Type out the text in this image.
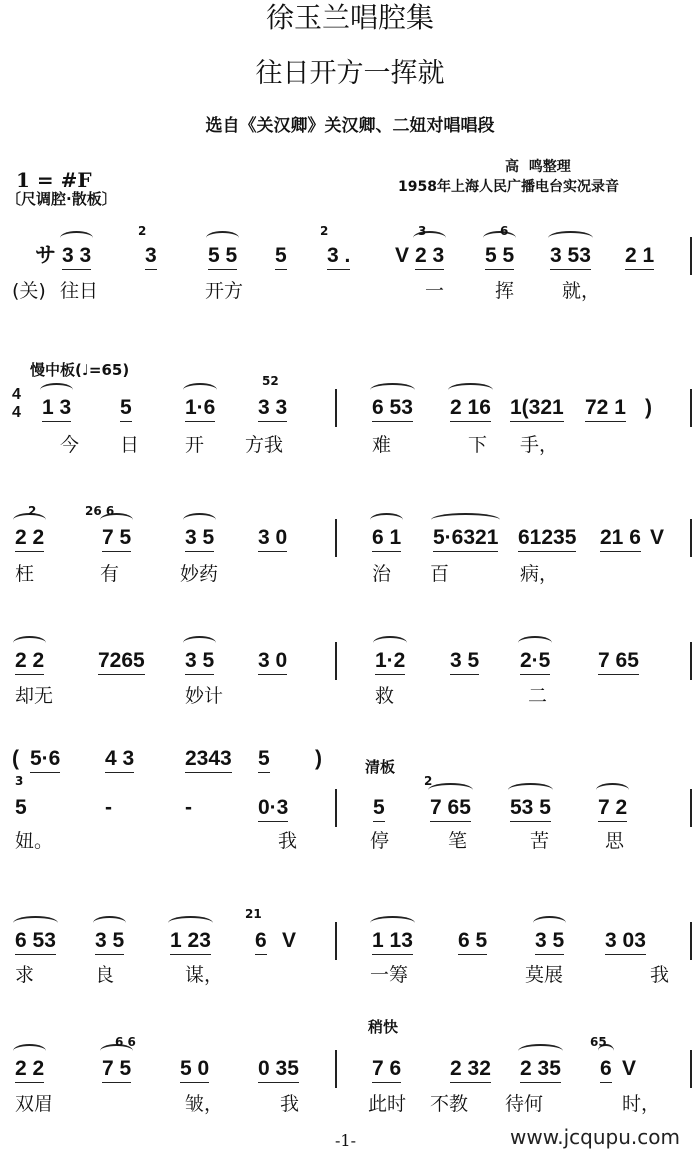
徐玉兰唱腔集
往日开方一挥就
选自《关汉卿》关汉卿、二妞对唱唱段
1 = #F
高  鸣整理
1958年上海人民广播电台实况录音
〔尺调腔·散板〕
サ 3 3	3 5 5 5 3 . V 2 3 5 5 3 53 2 1
2	2	3	6
(关) 往日	开方	一	挥	就，
慢中板(♩=65)
4
4 1 3 5	1·6 3 3	6 53 2 16 1(321 72 1 )
52
今 日 开 方我	难	下 手，
2 2	7 5	3 5 3 0	6 1 5·6321 61235 21 6 V
2	26 6
枉	有	妙药	治 百	病，
2 2	7265 3 5 3 0	1·2 3 5 2·5 7 65
却无	妙计	救	二
( 5·6 4 3 2343 5 )	清板
5	-	-	0·3	5 7 65 53 5 7 2
3	2
妞。	我	停	笔	苦	思
6 53 3 5 1 23 6 V	1 13 6 5 3 5 3 03
21
求	良	谋，	一筹	莫展	我
稍快
2 2	7 5 5 0 0 35	7 6 2 32 2 35 6 V
6 6	65
双眉	皱，	我	此时 不教 待何	时，
-1-	www.jcqupu.com
